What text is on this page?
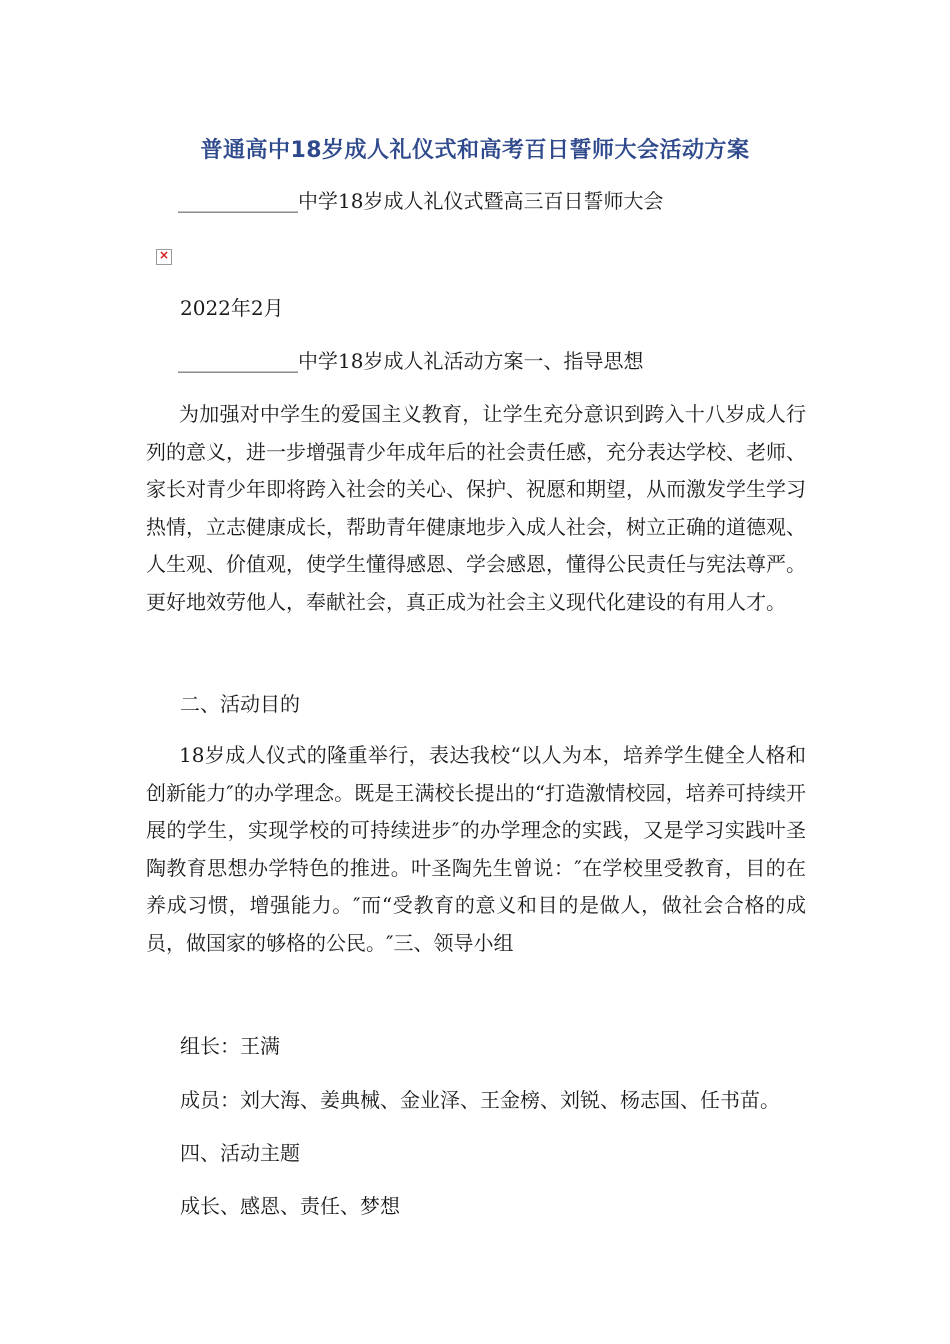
普通高中18岁成人礼仪式和高考百日誓师大会活动方案
____________中学18岁成人礼仪式暨高三百日誓师大会
×
2022年2月
____________中学18岁成人礼活动方案一、指导思想
为加强对中学生的爱国主义教育，让学生充分意识到跨入十八岁成人行列的意义，进一步增强青少年成年后的社会责任感，充分表达学校、老师、家长对青少年即将跨入社会的关心、保护、祝愿和期望，从而激发学生学习热情，立志健康成长，帮助青年健康地步入成人社会，树立正确的道德观、人生观、价值观，使学生懂得感恩、学会感恩，懂得公民责任与宪法尊严。更好地效劳他人，奉献社会，真正成为社会主义现代化建设的有用人才。
二、活动目的
18岁成人仪式的隆重举行，表达我校“以人为本，培养学生健全人格和创新能力″的办学理念。既是王满校长提出的“打造激情校园，培养可持续开展的学生，实现学校的可持续进步″的办学理念的实践，又是学习实践叶圣陶教育思想办学特色的推进。叶圣陶先生曾说：″在学校里受教育，目的在养成习惯，增强能力。″而“受教育的意义和目的是做人，做社会合格的成员，做国家的够格的公民。″三、领导小组
组长：王满
成员：刘大海、姜典械、金业泽、王金榜、刘锐、杨志国、任书苗。
四、活动主题
成长、感恩、责任、梦想
